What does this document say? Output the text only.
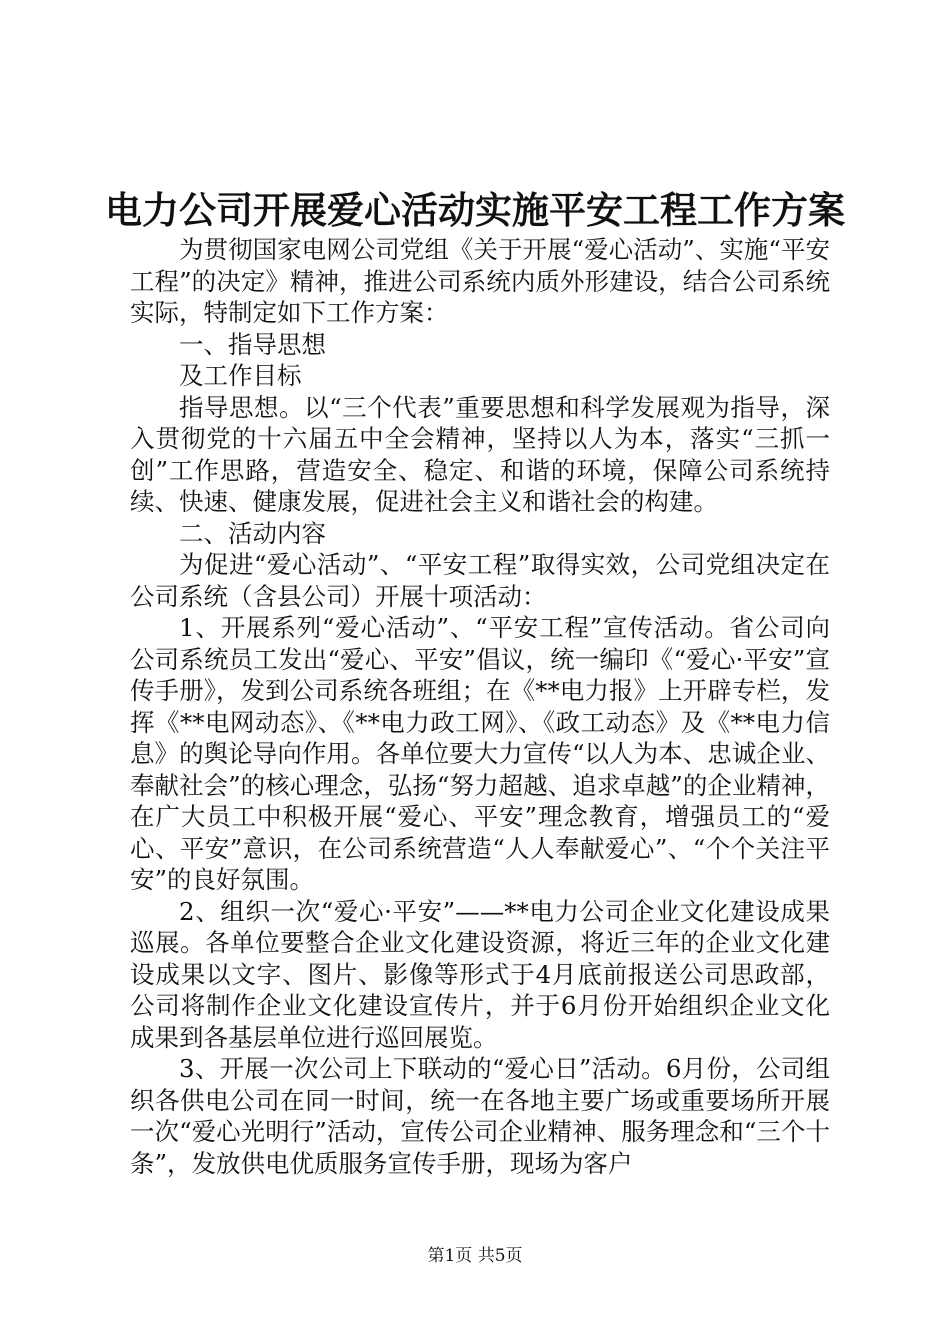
电力公司开展爱心活动实施平安工程工作方案

为贯彻国家电网公司党组《关于开展“爱心活动”、实施“平安工程”的决定》精神，推进公司系统内质外形建设，结合公司系统实际，特制定如下工作方案：

一、指导思想

及工作目标

指导思想。以“三个代表”重要思想和科学发展观为指导，深入贯彻党的十六届五中全会精神，坚持以人为本，落实“三抓一创”工作思路，营造安全、稳定、和谐的环境，保障公司系统持续、快速、健康发展，促进社会主义和谐社会的构建。

二、活动内容

为促进“爱心活动”、“平安工程”取得实效，公司党组决定在公司系统（含县公司）开展十项活动：

1、开展系列“爱心活动”、“平安工程”宣传活动。省公司向公司系统员工发出“爱心、平安”倡议，统一编印《“爱心·平安”宣传手册》，发到公司系统各班组；在《**电力报》上开辟专栏，发挥《**电网动态》、《**电力政工网》、《政工动态》及《**电力信息》的舆论导向作用。各单位要大力宣传“以人为本、忠诚企业、奉献社会”的核心理念，弘扬“努力超越、追求卓越”的企业精神，在广大员工中积极开展“爱心、平安”理念教育，增强员工的“爱心、平安”意识，在公司系统营造“人人奉献爱心”、“个个关注平安”的良好氛围。

2、组织一次“爱心·平安”——**电力公司企业文化建设成果巡展。各单位要整合企业文化建设资源，将近三年的企业文化建设成果以文字、图片、影像等形式于4月底前报送公司思政部，公司将制作企业文化建设宣传片，并于6月份开始组织企业文化成果到各基层单位进行巡回展览。

3、开展一次公司上下联动的“爱心日”活动。6月份，公司组织各供电公司在同一时间，统一在各地主要广场或重要场所开展一次“爱心光明行”活动，宣传公司企业精神、服务理念和“三个十条”，发放供电优质服务宣传手册，现场为客户

第1页 共5页
